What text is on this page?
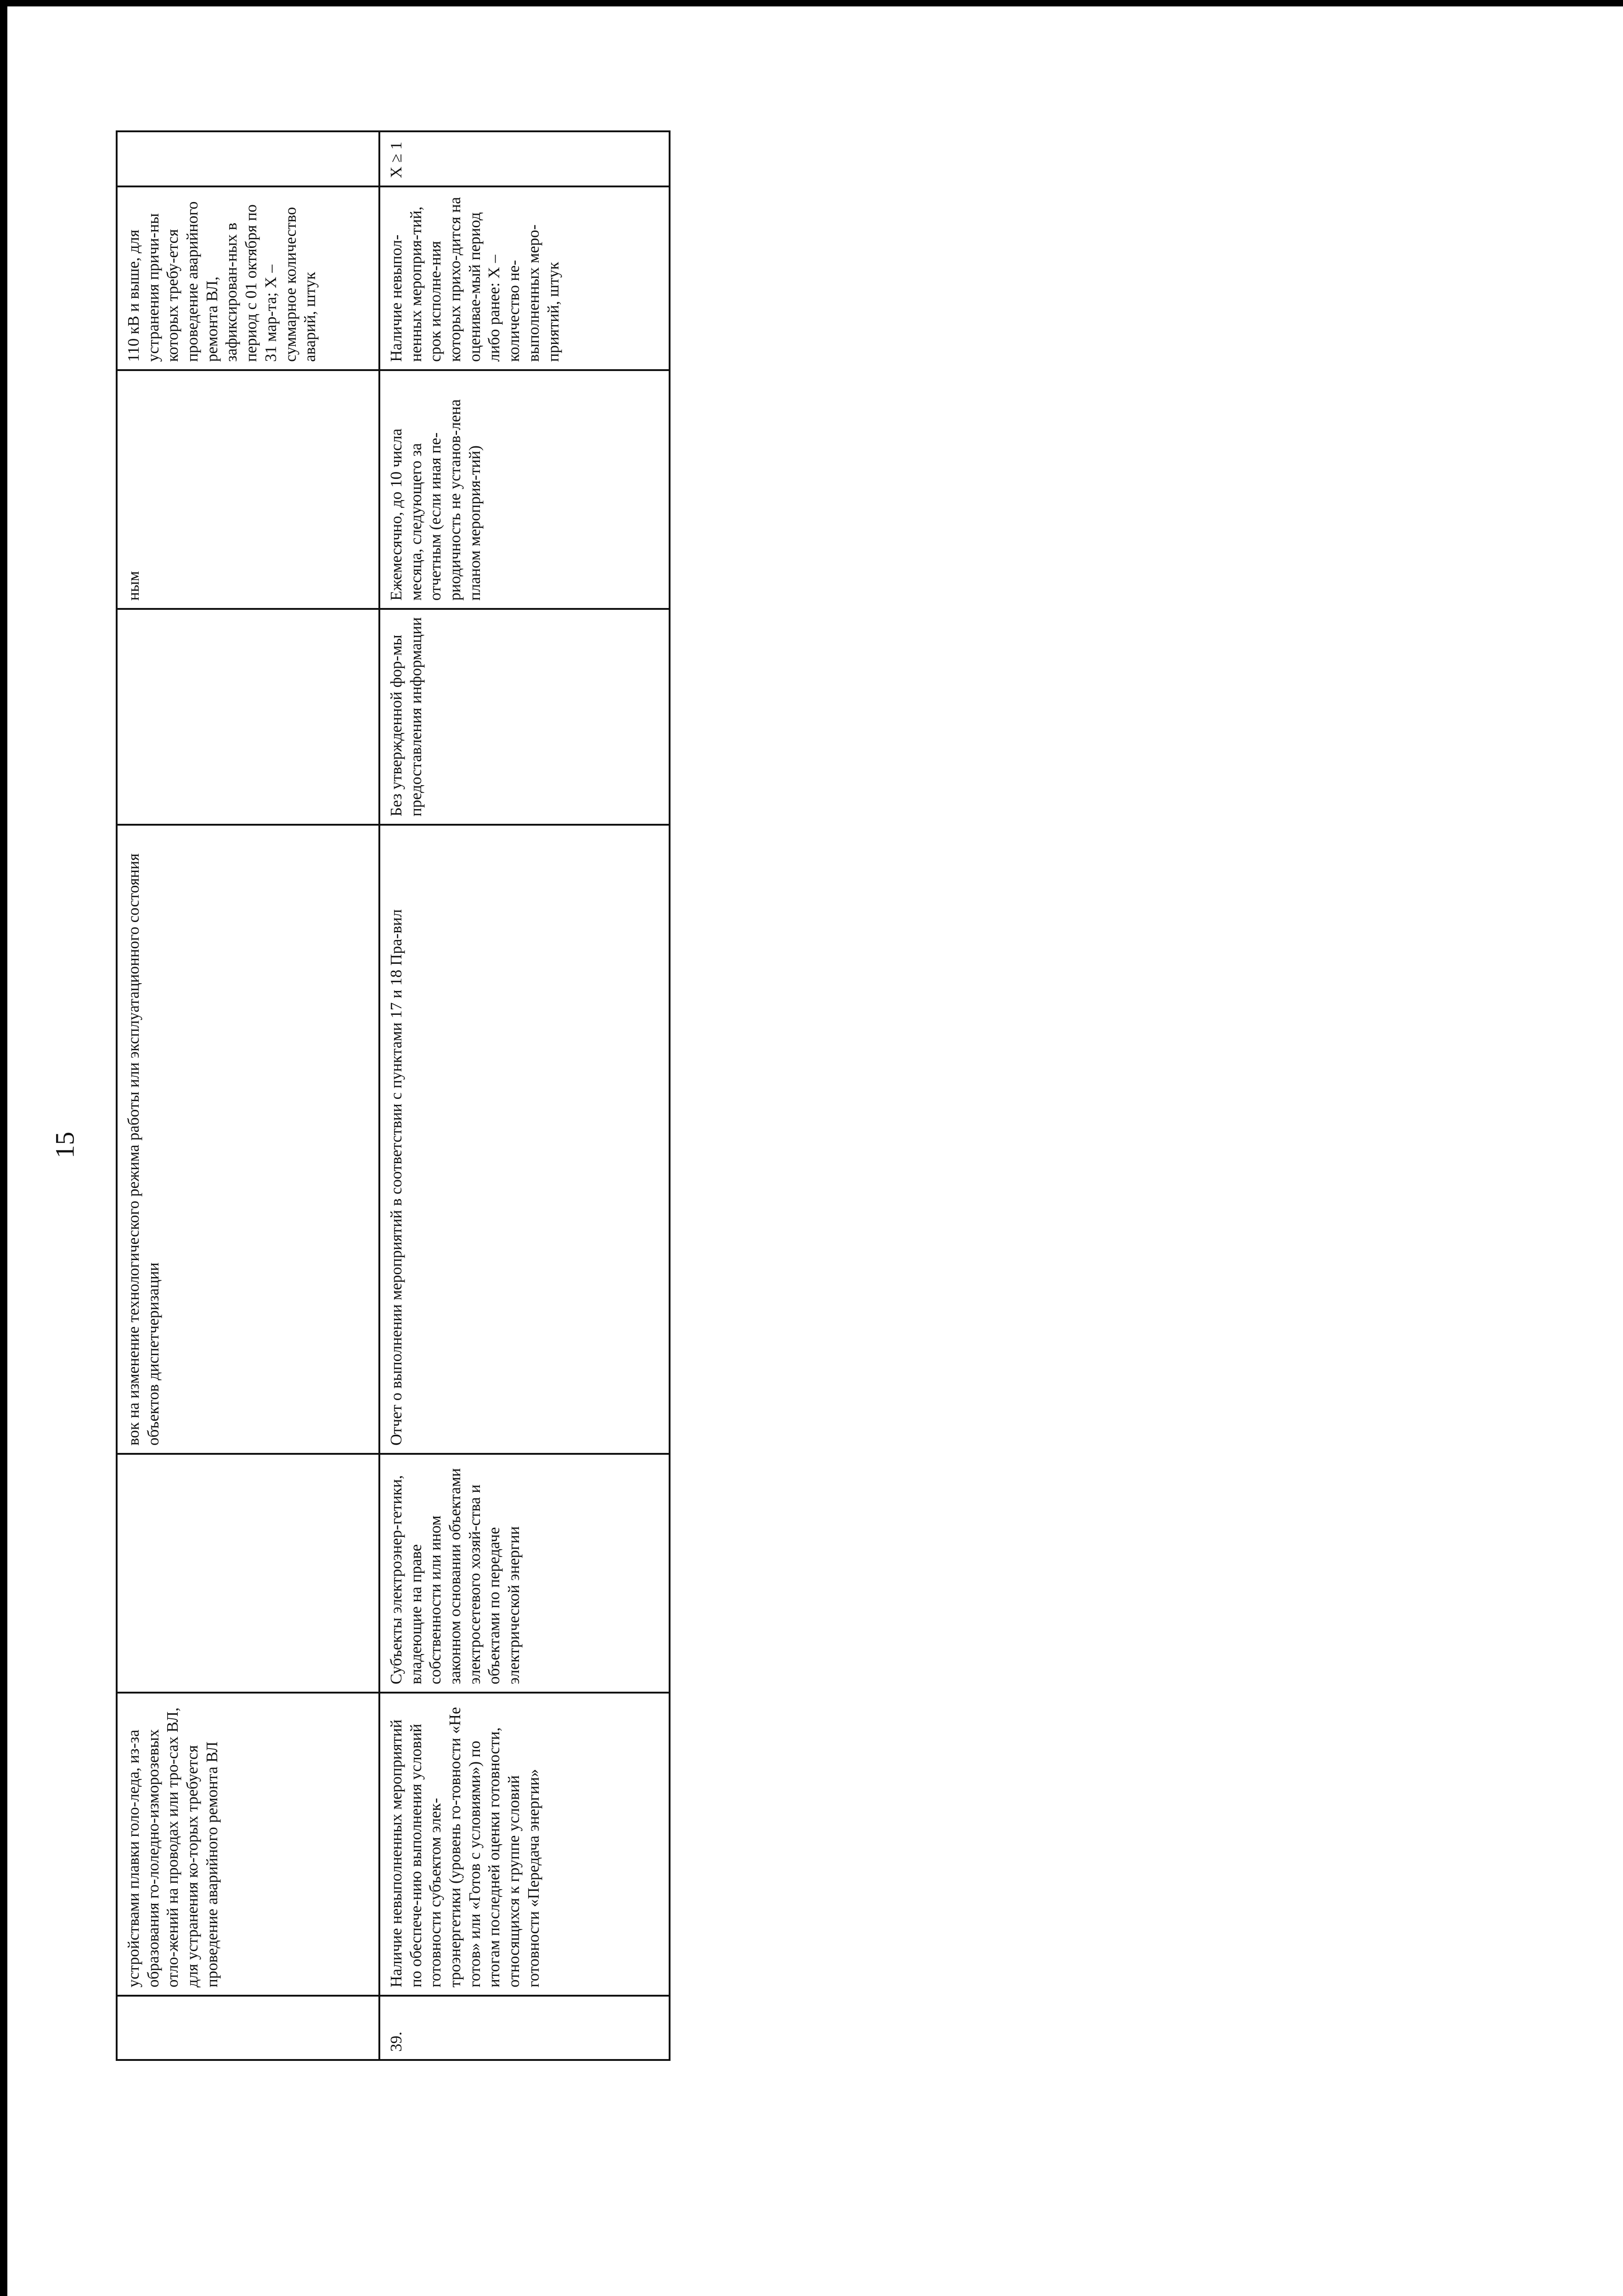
15
	устройствами плавки голо-леда, из-за образования го-лоледно-изморозевых отло-жений на проводах или тро-сах ВЛ, для устранения ко-торых требуется проведение аварийного ремонта ВЛ		вок на изменение технологического режима работы или эксплуатационного состояния объектов диспетчеризации		ным	110 кВ и выше, для устранения причи-ны которых требу-ется проведение аварийного ремонта ВЛ, зафиксирован-ных в период с 01 октября по 31 мар-та; X – суммарное количество аварий, штук	
39.	Наличие невыполненных мероприятий по обеспече-нию выполнения условий готовности субъектом элек-троэнергетики (уровень го-товности «Не готов» или «Готов с условиями») по итогам последней оценки готовности, относящихся к группе условий готовности «Передача энергии»	Субъекты электроэнер-гетики, владеющие на праве собственности или ином законном основании объектами электросетевого хозяй-ства и объектами по передаче электрической энергии	Отчет о выполнении мероприятий в соответствии с пунктами 17 и 18 Пра-вил	Без утвержденной фор-мы предоставления информации	Ежемесячно, до 10 числа месяца, следующего за отчетным (если иная пе-риодичность не установ-лена планом мероприя-тий)	Наличие невыпол-ненных мероприя-тий, срок исполне-ния которых прихо-дится на оценивае-мый период либо ранее: X – количество не-выполненных меро-приятий, штук	X ≥ 1
